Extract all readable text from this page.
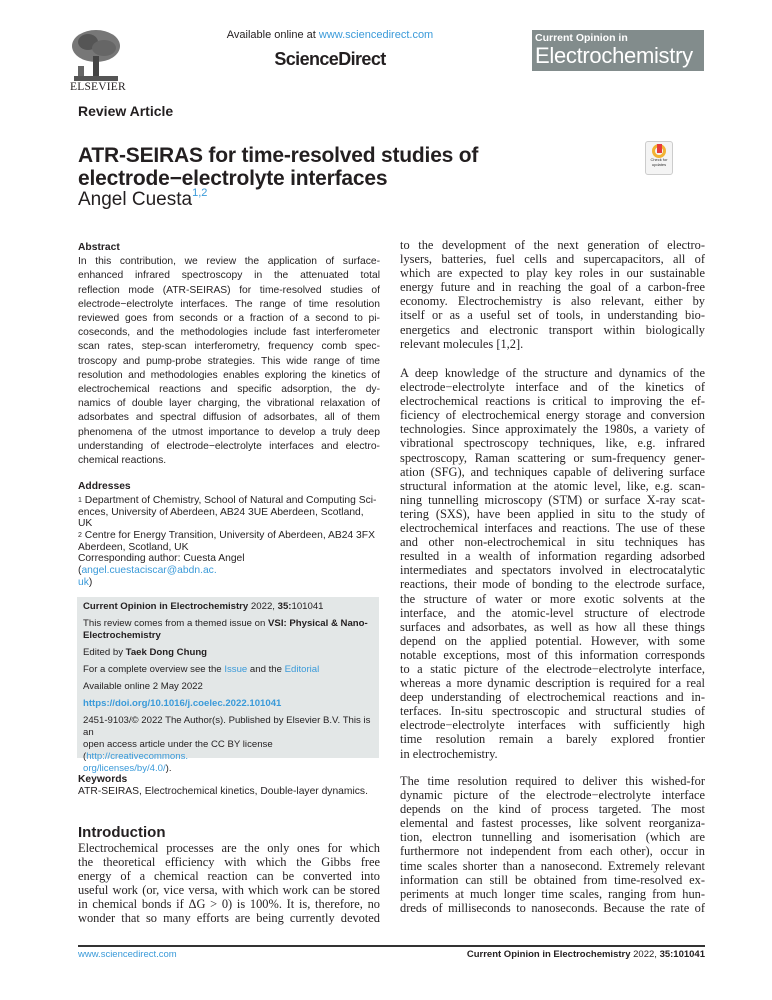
ELSEVIER
Available online at www.sciencedirect.com
ScienceDirect
Current Opinion in
Electrochemistry
Review Article
ATR-SEIRAS for time-resolved studies of
electrode−electrolyte interfaces
Angel Cuesta$^{1,2}$
Check for updates
Abstract
In this contribution, we review the application of surface-
enhanced infrared spectroscopy in the attenuated total
reflection mode (ATR-SEIRAS) for time-resolved studies of
electrode−electrolyte interfaces. The range of time resolution
reviewed goes from seconds or a fraction of a second to pi-
coseconds, and the methodologies include fast interferometer
scan rates, step-scan interferometry, frequency comb spec-
troscopy and pump-probe strategies. This wide range of time
resolution and methodologies enables exploring the kinetics of
electrochemical reactions and specific adsorption, the dy-
namics of double layer charging, the vibrational relaxation of
adsorbates and spectral diffusion of adsorbates, all of them
phenomena of the utmost importance to develop a truly deep
understanding of electrode−electrolyte interfaces and electro-
chemical reactions.
Addresses
$^1$ Department of Chemistry, School of Natural and Computing Sci-
ences, University of Aberdeen, AB24 3UE Aberdeen, Scotland, UK
$^2$ Centre for Energy Transition, University of Aberdeen, AB24 3FX
Aberdeen, Scotland, UK
Corresponding author: Cuesta Angel (angel.cuestaciscar@abdn.ac.
uk)
Current Opinion in Electrochemistry 2022, 35:101041
This review comes from a themed issue on VSI: Physical & Nano-
Electrochemistry
Edited by Taek Dong Chung
For a complete overview see the Issue and the Editorial
Available online 2 May 2022
https://doi.org/10.1016/j.coelec.2022.101041
2451-9103/© 2022 The Author(s). Published by Elsevier B.V. This is an
open access article under the CC BY license (http://creativecommons.
org/licenses/by/4.0/).
Keywords
ATR-SEIRAS, Electrochemical kinetics, Double-layer dynamics.
Introduction
Electrochemical processes are the only ones for which
the theoretical efficiency with which the Gibbs free
energy of a chemical reaction can be converted into
useful work (or, vice versa, with which work can be stored
in chemical bonds if ΔG > 0) is 100%. It is, therefore, no
wonder that so many efforts are being currently devoted
to the development of the next generation of electro-
lysers, batteries, fuel cells and supercapacitors, all of
which are expected to play key roles in our sustainable
energy future and in reaching the goal of a carbon-free
economy. Electrochemistry is also relevant, either by
itself or as a useful set of tools, in understanding bio-
energetics and electronic transport within biologically
relevant molecules [1,2].
A deep knowledge of the structure and dynamics of the
electrode−electrolyte interface and of the kinetics of
electrochemical reactions is critical to improving the ef-
ficiency of electrochemical energy storage and conversion
technologies. Since approximately the 1980s, a variety of
vibrational spectroscopy techniques, like, e.g. infrared
spectroscopy, Raman scattering or sum-frequency gener-
ation (SFG), and techniques capable of delivering surface
structural information at the atomic level, like, e.g. scan-
ning tunnelling microscopy (STM) or surface X-ray scat-
tering (SXS), have been applied in situ to the study of
electrochemical interfaces and reactions. The use of these
and other non-electrochemical in situ techniques has
resulted in a wealth of information regarding adsorbed
intermediates and spectators involved in electrocatalytic
reactions, their mode of bonding to the electrode surface,
the structure of water or more exotic solvents at the
interface, and the atomic-level structure of electrode
surfaces and adsorbates, as well as how all these things
depend on the applied potential. However, with some
notable exceptions, most of this information corresponds
to a static picture of the electrode−electrolyte interface,
whereas a more dynamic description is required for a real
deep understanding of electrochemical reactions and in-
terfaces. In-situ spectroscopic and structural studies of
electrode−electrolyte interfaces with sufficiently high
time resolution remain a barely explored frontier
in electrochemistry.
The time resolution required to deliver this wished-for
dynamic picture of the electrode−electrolyte interface
depends on the kind of process targeted. The most
elemental and fastest processes, like solvent reorganiza-
tion, electron tunnelling and isomerisation (which are
furthermore not independent from each other), occur in
time scales shorter than a nanosecond. Extremely relevant
information can still be obtained from time-resolved ex-
periments at much longer time scales, ranging from hun-
dreds of milliseconds to nanoseconds. Because the rate of
www.sciencedirect.com	Current Opinion in Electrochemistry 2022, 35:101041
